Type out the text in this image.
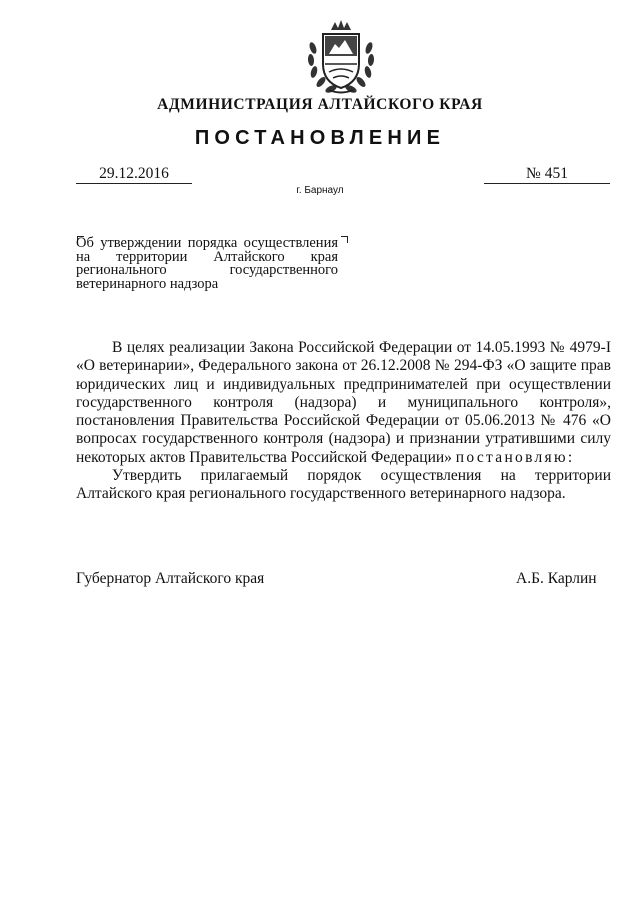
АДМИНИСТРАЦИЯ АЛТАЙСКОГО КРАЯ
ПОСТАНОВЛЕНИЕ
29.12.2016	№ 451
г. Барнаул
Об утверждении порядка осуществления на территории Алтайского края регионального государственного ветеринарного надзора

В целях реализации Закона Российской Федерации от 14.05.1993 № 4979-I «О ветеринарии», Федерального закона от 26.12.2008 № 294-ФЗ «О защите прав юридических лиц и индивидуальных предпринимателей при осуществлении государственного контроля (надзора) и муниципального контроля», постановления Правительства Российской Федерации от 05.06.2013 № 476 «О вопросах государственного контроля (надзора) и признании утратившими силу некоторых актов Правительства Российской Федерации» постановляю:

Утвердить прилагаемый порядок осуществления на территории Алтайского края регионального государственного ветеринарного надзора.

Губернатор Алтайского края	А.Б. Карлин
